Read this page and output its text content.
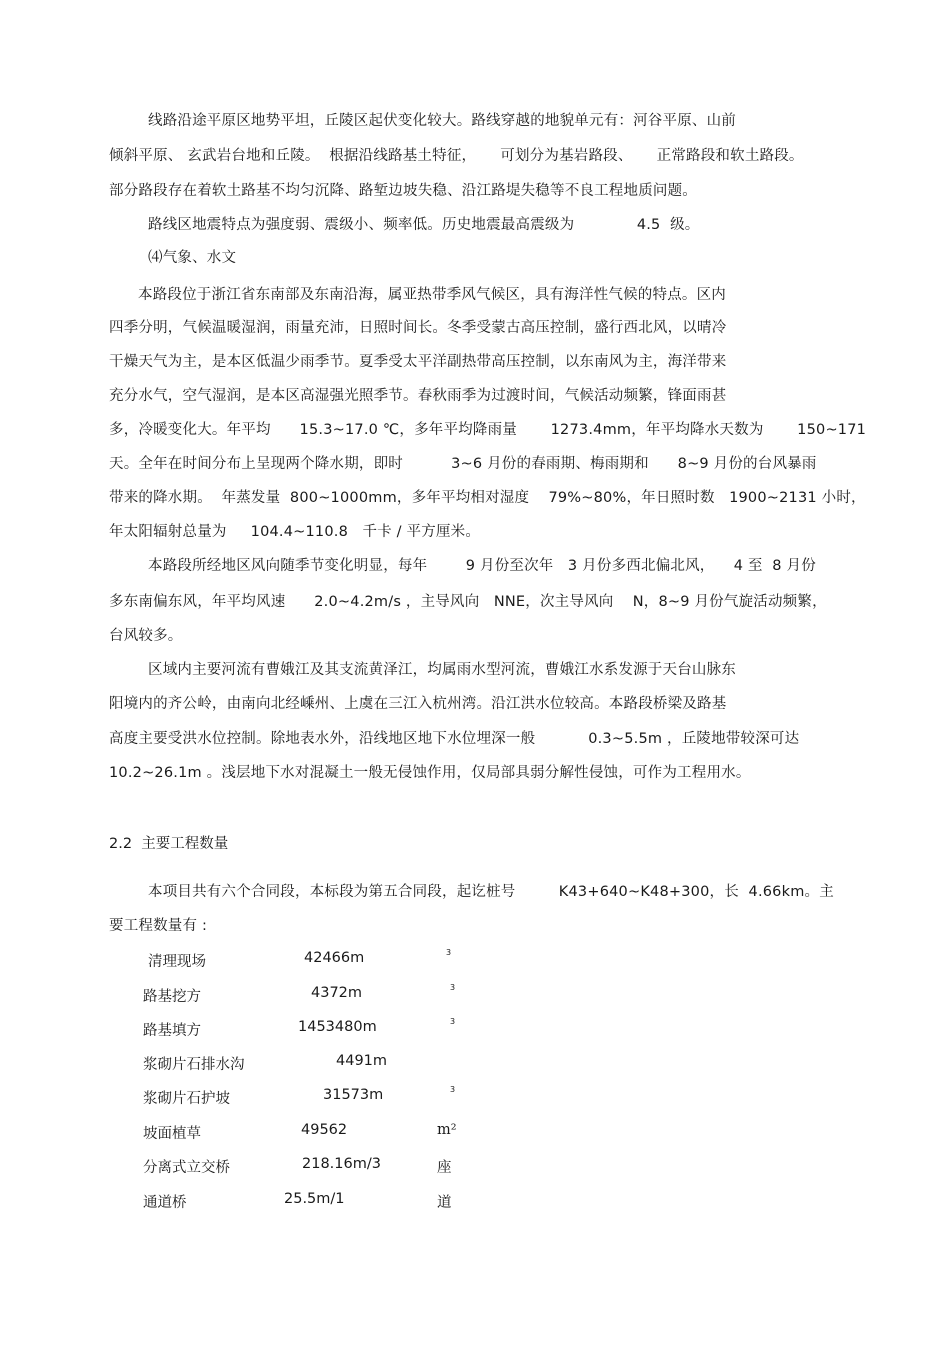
线路沿途平原区地势平坦，丘陵区起伏变化较大。路线穿越的地貌单元有：河谷平原、山前
倾斜平原、 玄武岩台地和丘陵。  根据沿线路基土特征，     可划分为基岩路段、     正常路段和软土路段。
部分路段存在着软土路基不均匀沉降、路堑边坡失稳、沿江路堤失稳等不良工程地质问题。
路线区地震特点为强度弱、震级小、频率低。历史地震最高震级为             4.5  级。
⑷气象、水文
本路段位于浙江省东南部及东南沿海，属亚热带季风气候区，具有海洋性气候的特点。区内
四季分明，气候温暖湿润，雨量充沛，日照时间长。冬季受蒙古高压控制，盛行西北风，以晴冷
干燥天气为主，是本区低温少雨季节。夏季受太平洋副热带高压控制，以东南风为主，海洋带来
充分水气，空气湿润，是本区高湿强光照季节。春秋雨季为过渡时间，气候活动频繁，锋面雨甚
多，冷暖变化大。年平均      15.3~17.0 ℃，多年平均降雨量       1273.4mm，年平均降水天数为       150~171
天。全年在时间分布上呈现两个降水期，即时          3~6 月份的春雨期、梅雨期和      8~9 月份的台风暴雨
带来的降水期。  年蒸发量  800~1000mm，多年平均相对湿度    79%~80%，年日照时数   1900~2131 小时，
年太阳辐射总量为     104.4~110.8   千卡 / 平方厘米。
本路段所经地区风向随季节变化明显，每年        9 月份至次年   3 月份多西北偏北风，    4 至  8 月份
多东南偏东风，年平均风速      2.0~4.2m/s ，主导风向   NNE，次主导风向    N，8~9 月份气旋活动频繁，
台风较多。
区域内主要河流有曹娥江及其支流黄泽江，均属雨水型河流，曹娥江水系发源于天台山脉东
阳境内的齐公岭，由南向北经嵊州、上虞在三江入杭州湾。沿江洪水位较高。本路段桥梁及路基
高度主要受洪水位控制。除地表水外，沿线地区地下水位埋深一般           0.3~5.5m ，丘陵地带较深可达
10.2~26.1m 。浅层地下水对混凝土一般无侵蚀作用，仅局部具弱分解性侵蚀，可作为工程用水。
2.2  主要工程数量
本项目共有六个合同段，本标段为第五合同段，起讫桩号         K43+640~K48+300，长  4.66km。主
要工程数量有 :
清理现场	42466m	3
路基挖方	4372m	3
路基填方	1453480m	3
浆砌片石排水沟	4491m
浆砌片石护坡	31573m	3
坡面植草	49562	m²
分离式立交桥	218.16m/3	座
通道桥	25.5m/1	道
